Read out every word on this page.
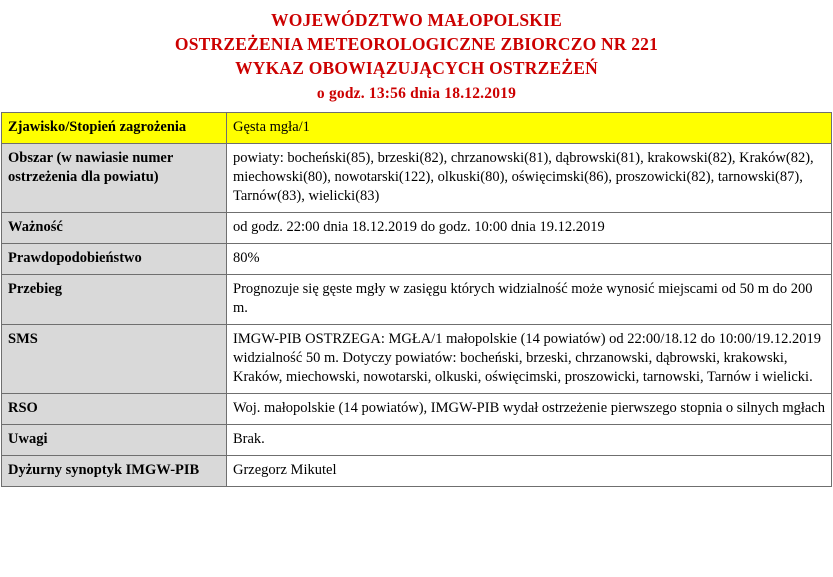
WOJEWÓDZTWO MAŁOPOLSKIE
OSTRZEŻENIA METEOROLOGICZNE ZBIORCZO NR 221
WYKAZ OBOWIĄZUJĄCYCH OSTRZEŻEŃ
o godz. 13:56 dnia 18.12.2019
Zjawisko/Stopień zagrożenia	Gęsta mgła/1
Obszar (w nawiasie numer ostrzeżenia dla powiatu)	powiaty: bocheński(85), brzeski(82), chrzanowski(81), dąbrowski(81), krakowski(82), Kraków(82), miechowski(80), nowotarski(122), olkuski(80), oświęcimski(86), proszowicki(82), tarnowski(87), Tarnów(83), wielicki(83)
Ważność	od godz. 22:00 dnia 18.12.2019 do godz. 10:00 dnia 19.12.2019
Prawdopodobieństwo	80%
Przebieg	Prognozuje się gęste mgły w zasięgu których widzialność może wynosić miejscami od 50 m do 200 m.
SMS	IMGW-PIB OSTRZEGA: MGŁA/1 małopolskie (14 powiatów) od 22:00/18.12 do 10:00/19.12.2019 widzialność 50 m. Dotyczy powiatów: bocheński, brzeski, chrzanowski, dąbrowski, krakowski, Kraków, miechowski, nowotarski, olkuski, oświęcimski, proszowicki, tarnowski, Tarnów i wielicki.
RSO	Woj. małopolskie (14 powiatów), IMGW-PIB wydał ostrzeżenie pierwszego stopnia o silnych mgłach
Uwagi	Brak.
Dyżurny synoptyk IMGW-PIB	Grzegorz Mikutel
